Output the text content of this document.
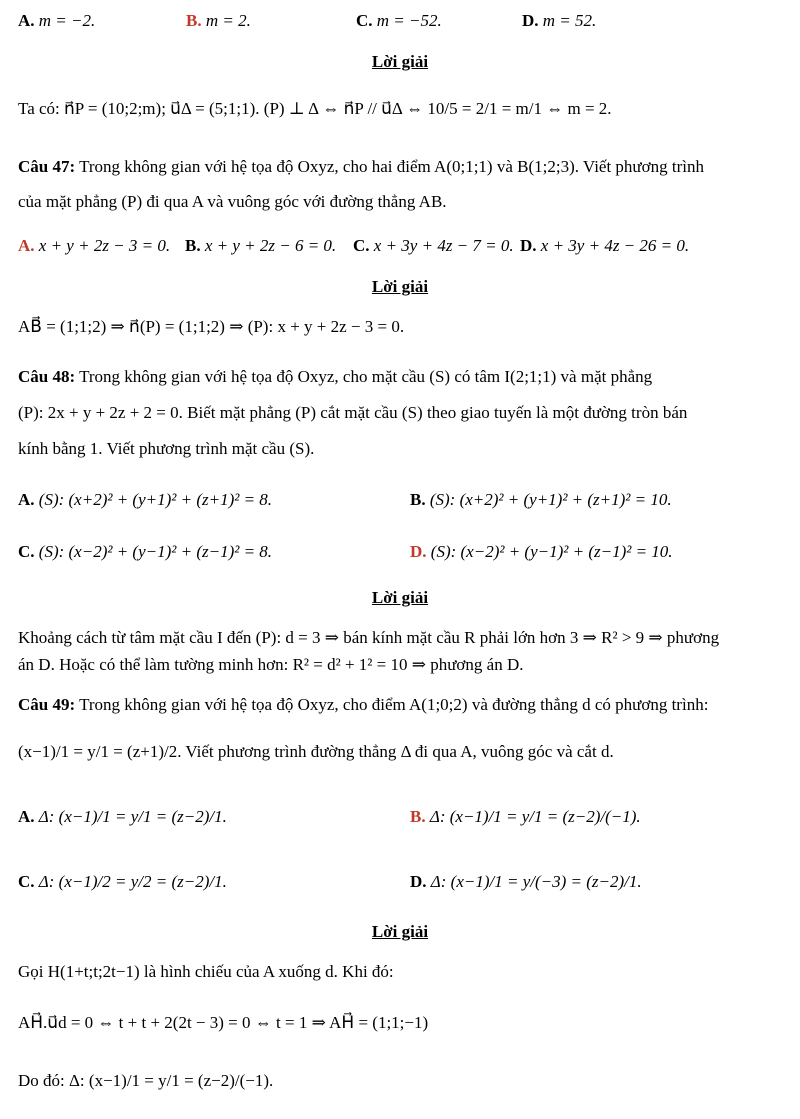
A. m = −2.	B. m = 2.	C. m = −52.	D. m = 52.
Lời giải
Ta có: n⃗P = (10;2;m); u⃗Δ = (5;1;1). (P) ⊥ Δ ⇔ n⃗P // u⃗Δ ⇔ 10/5 = 2/1 = m/1 ⇔ m = 2.
Câu 47: Trong không gian với hệ tọa độ Oxyz, cho hai điểm A(0;1;1) và B(1;2;3). Viết phương trình
của mặt phẳng (P) đi qua A và vuông góc với đường thẳng AB.
A. x + y + 2z − 3 = 0. B. x + y + 2z − 6 = 0. C. x + 3y + 4z − 7 = 0. D. x + 3y + 4z − 26 = 0.
Lời giải
AB⃗ = (1;1;2) ⇒ n⃗(P) = (1;1;2) ⇒ (P): x + y + 2z − 3 = 0.
Câu 48: Trong không gian với hệ tọa độ Oxyz, cho mặt cầu (S) có tâm I(2;1;1) và mặt phẳng
(P): 2x + y + 2z + 2 = 0. Biết mặt phẳng (P) cắt mặt cầu (S) theo giao tuyến là một đường tròn bán
kính bằng 1. Viết phương trình mặt cầu (S).
A. (S): (x+2)² + (y+1)² + (z+1)² = 8.	B. (S): (x+2)² + (y+1)² + (z+1)² = 10.
C. (S): (x−2)² + (y−1)² + (z−1)² = 8.	D. (S): (x−2)² + (y−1)² + (z−1)² = 10.
Lời giải
Khoảng cách từ tâm mặt cầu I đến (P): d = 3 ⇒ bán kính mặt cầu R phải lớn hơn 3 ⇒ R² > 9 ⇒ phương
án D. Hoặc có thể làm tường minh hơn: R² = d² + 1² = 10 ⇒ phương án D.
Câu 49: Trong không gian với hệ tọa độ Oxyz, cho điểm A(1;0;2) và đường thẳng d có phương trình:
(x−1)/1 = y/1 = (z+1)/2. Viết phương trình đường thẳng Δ đi qua A, vuông góc và cắt d.
A. Δ: (x−1)/1 = y/1 = (z−2)/1.	B. Δ: (x−1)/1 = y/1 = (z−2)/(−1).
C. Δ: (x−1)/2 = y/2 = (z−2)/1.	D. Δ: (x−1)/1 = y/(−3) = (z−2)/1.
Lời giải
Gọi H(1+t;t;2t−1) là hình chiếu của A xuống d. Khi đó:
AH⃗.u⃗d = 0 ⇔ t + t + 2(2t − 3) = 0 ⇔ t = 1 ⇒ AH⃗ = (1;1;−1)
Do đó: Δ: (x−1)/1 = y/1 = (z−2)/(−1).
